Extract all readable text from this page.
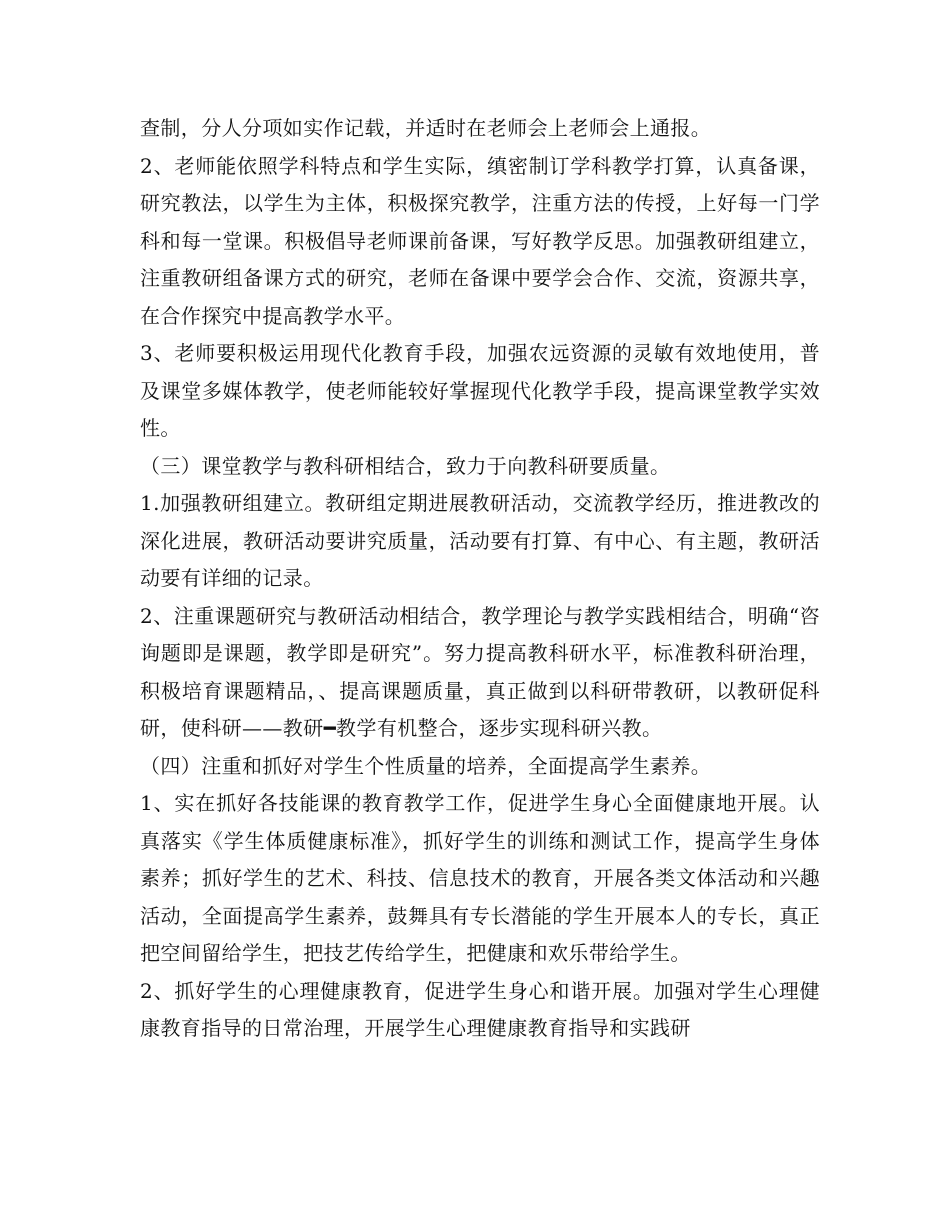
查制，分人分项如实作记载，并适时在老师会上老师会上通报。

2、老师能依照学科特点和学生实际，缜密制订学科教学打算，认真备课，研究教法，以学生为主体，积极探究教学，注重方法的传授，上好每一门学科和每一堂课。积极倡导老师课前备课，写好教学反思。加强教研组建立，注重教研组备课方式的研究，老师在备课中要学会合作、交流，资源共享，在合作探究中提高教学水平。

3、老师要积极运用现代化教育手段，加强农远资源的灵敏有效地使用，普及课堂多媒体教学，使老师能较好掌握现代化教学手段，提高课堂教学实效性。

（三）课堂教学与教科研相结合，致力于向教科研要质量。

1.加强教研组建立。教研组定期进展教研活动，交流教学经历，推进教改的深化进展，教研活动要讲究质量，活动要有打算、有中心、有主题，教研活动要有详细的记录。

2、注重课题研究与教研活动相结合，教学理论与教学实践相结合，明确“咨询题即是课题，教学即是研究”。努力提高教科研水平，标准教科研治理，积极培育课题精品，、提高课题质量，真正做到以科研带教研，以教研促科研，使科研——教研━教学有机整合，逐步实现科研兴教。

（四）注重和抓好对学生个性质量的培养，全面提高学生素养。

1、实在抓好各技能课的教育教学工作，促进学生身心全面健康地开展。认真落实《学生体质健康标准》，抓好学生的训练和测试工作，提高学生身体素养；抓好学生的艺术、科技、信息技术的教育，开展各类文体活动和兴趣活动，全面提高学生素养，鼓舞具有专长潜能的学生开展本人的专长，真正把空间留给学生，把技艺传给学生，把健康和欢乐带给学生。

2、抓好学生的心理健康教育，促进学生身心和谐开展。加强对学生心理健康教育指导的日常治理，开展学生心理健康教育指导和实践研
